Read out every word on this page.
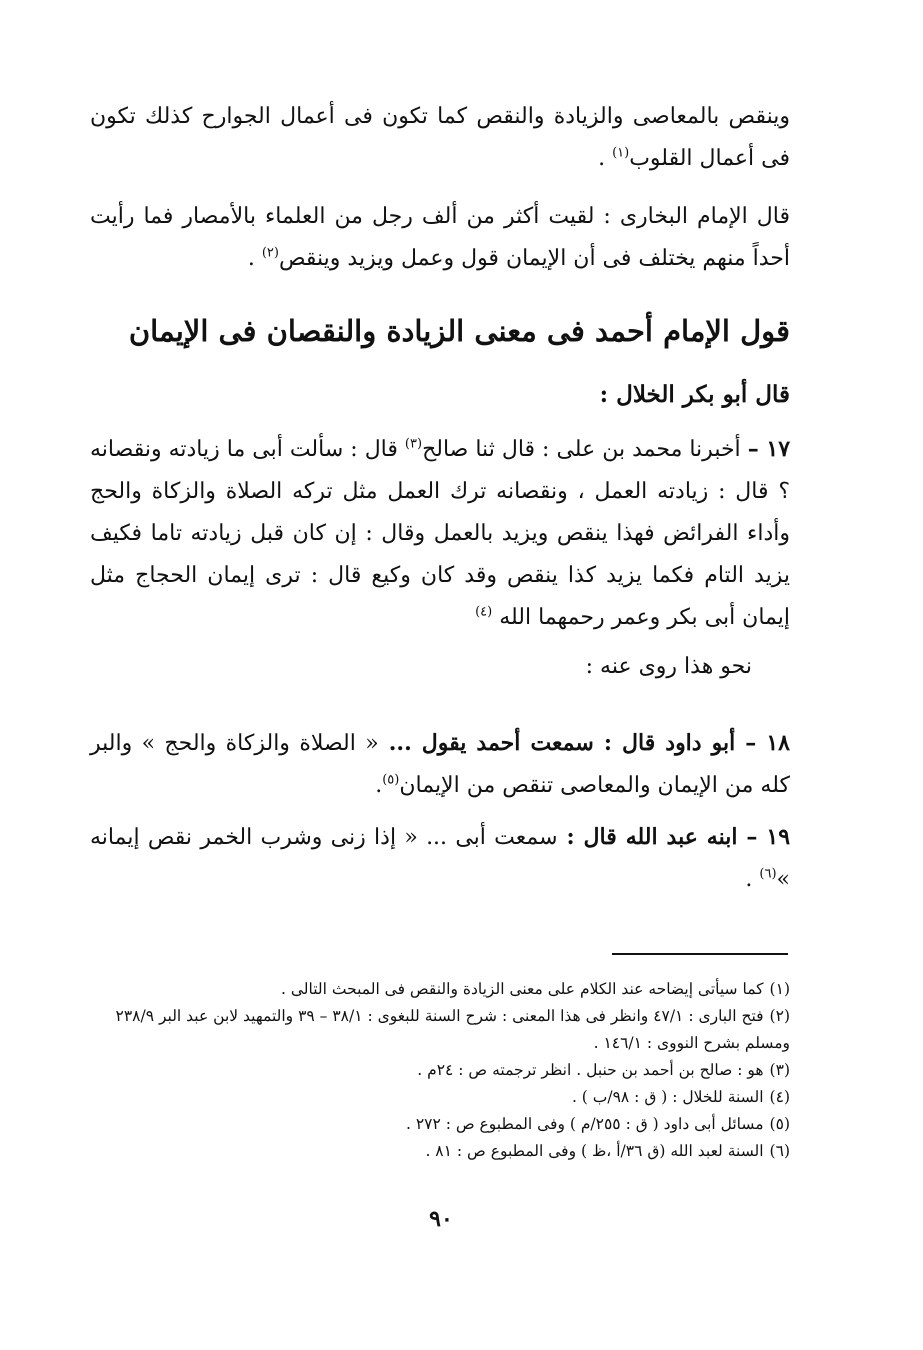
وينقص بالمعاصى والزيادة والنقص كما تكون فى أعمال الجوارح كذلك تكون فى أعمال القلوب$^{(١)}$ .

قال الإمام البخارى : لقيت أكثر من ألف رجل من العلماء بالأمصار فما رأيت أحداً منهم يختلف فى أن الإيمان قول وعمل ويزيد وينقص$^{(٢)}$ .

قول الإمام أحمد فى معنى الزيادة والنقصان فى الإيمان

قال أبو بكر الخلال :

١٧ – أخبرنا محمد بن على : قال ثنا صالح$^{(٣)}$ قال : سألت أبى ما زيادته ونقصانه ؟ قال : زيادته العمل ، ونقصانه ترك العمل مثل تركه الصلاة والزكاة والحج وأداء الفرائض فهذا ينقص ويزيد بالعمل وقال : إن كان قبل زيادته تاما فكيف يزيد التام فكما يزيد كذا ينقص وقد كان وكيع قال : ترى إيمان الحجاج مثل إيمان أبى بكر وعمر رحمهما الله $^{(٤)}$

نحو هذا روى عنه :

١٨ – أبو داود قال : سمعت أحمد يقول ... « الصلاة والزكاة والحج » والبر كله من الإيمان والمعاصى تنقص من الإيمان$^{(٥)}$.

١٩ – ابنه عبد الله قال : سمعت أبى ... « إذا زنى وشرب الخمر نقص إيمانه »$^{(٦)}$ .

(١)كما سيأتى إيضاحه عند الكلام على معنى الزيادة والنقص فى المبحث التالى .

(٢)فتح البارى : ٤٧/١ وانظر فى هذا المعنى : شرح السنة للبغوى : ٣٨/١ – ٣٩ والتمهيد لابن عبد البر ٢٣٨/٩ ومسلم بشرح النووى : ١٤٦/١ .

(٣)هو : صالح بن أحمد بن حنبل . انظر ترجمته ص : ٢٤م .

(٤)السنة للخلال : ( ق : ٩٨/ب ) .

(٥)مسائل أبى داود ( ق : ٢٥٥/م ) وفى المطبوع ص : ٢٧٢ .

(٦)السنة لعبد الله (ق ٣٦/أ ،ظ ) وفى المطبوع ص : ٨١ .

٩٠
